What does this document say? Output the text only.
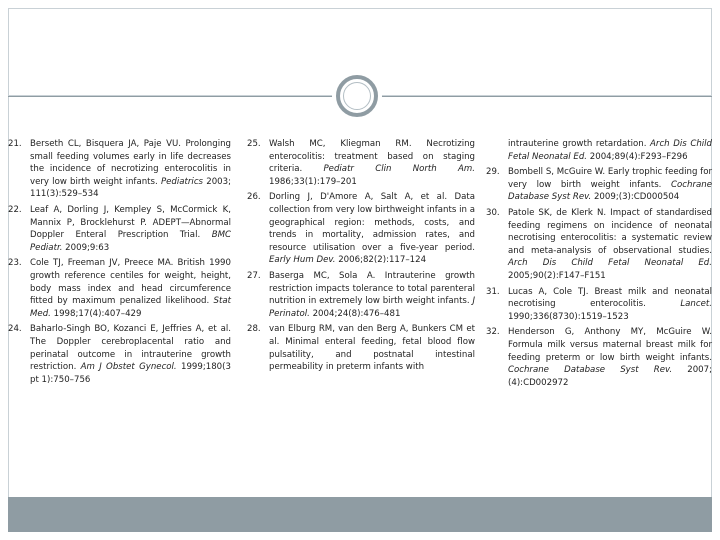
21. Berseth CL, Bisquera JA, Paje VU. Prolonging small feeding volumes early in life decreases the incidence of necrotizing enterocolitis in very low birth weight infants. Pediatrics 2003; 111(3):529–534

22. Leaf A, Dorling J, Kempley S, McCormick K, Mannix P, Brocklehurst P. ADEPT—Abnormal Doppler Enteral Prescription Trial. BMC Pediatr. 2009;9:63

23. Cole TJ, Freeman JV, Preece MA. British 1990 growth reference centiles for weight, height, body mass index and head circumference fitted by maximum penalized likelihood. Stat Med. 1998;17(4):407–429

24. Baharlo-Singh BO, Kozanci E, Jeffries A, et al. The Doppler cerebroplacental ratio and perinatal outcome in intrauterine growth restriction. Am J Obstet Gynecol. 1999;180(3 pt 1):750–756

25. Walsh MC, Kliegman RM. Necrotizing enterocolitis: treatment based on staging criteria. Pediatr Clin North Am. 1986;33(1):179–201

26. Dorling J, D'Amore A, Salt A, et al. Data collection from very low birthweight infants in a geographical region: methods, costs, and trends in mortality, admission rates, and resource utilisation over a five-year period. Early Hum Dev. 2006;82(2):117–124

27. Baserga MC, Sola A. Intrauterine growth restriction impacts tolerance to total parenteral nutrition in extremely low birth weight infants. J Perinatol. 2004;24(8):476–481

28. van Elburg RM, van den Berg A, Bunkers CM et al. Minimal enteral feeding, fetal blood flow pulsatility, and postnatal intestinal permeability in preterm infants with

intrauterine growth retardation. Arch Dis Child Fetal Neonatal Ed. 2004;89(4):F293–F296

29. Bombell S, McGuire W. Early trophic feeding for very low birth weight infants. Cochrane Database Syst Rev. 2009;(3):CD000504

30. Patole SK, de Klerk N. Impact of standardised feeding regimens on incidence of neonatal necrotising enterocolitis: a systematic review and meta-analysis of observational studies. Arch Dis Child Fetal Neonatal Ed. 2005;90(2):F147–F151

31. Lucas A, Cole TJ. Breast milk and neonatal necrotising enterocolitis. Lancet. 1990;336(8730):1519–1523

32. Henderson G, Anthony MY, McGuire W. Formula milk versus maternal breast milk for feeding preterm or low birth weight infants. Cochrane Database Syst Rev. 2007;(4):CD002972
